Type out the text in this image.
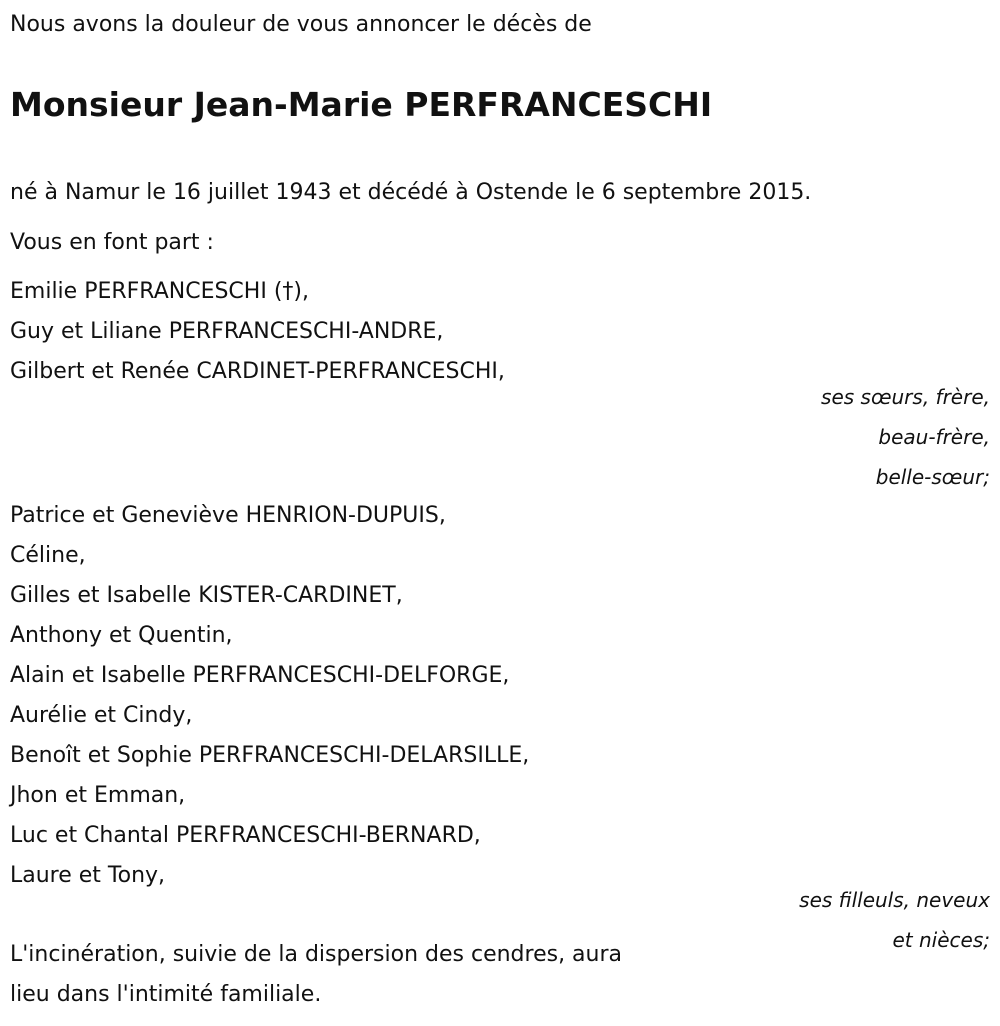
Nous avons la douleur de vous annoncer le décès de
Monsieur Jean-Marie PERFRANCESCHI
né à Namur le 16 juillet 1943 et décédé à Ostende le 6 septembre 2015.
Vous en font part :
Emilie PERFRANCESCHI (†),
Guy et Liliane PERFRANCESCHI-ANDRE,
Gilbert et Renée CARDINET-PERFRANCESCHI,
ses sœurs, frère,
beau-frère,
belle-sœur;
Patrice et Geneviève HENRION-DUPUIS,
Céline,
Gilles et Isabelle KISTER-CARDINET,
Anthony et Quentin,
Alain et Isabelle PERFRANCESCHI-DELFORGE,
Aurélie et Cindy,
Benoît et Sophie PERFRANCESCHI-DELARSILLE,
Jhon et Emman,
Luc et Chantal PERFRANCESCHI-BERNARD,
Laure et Tony,
ses filleuls, neveux
et nièces;
L'incinération, suivie de la dispersion des cendres, aura
lieu dans l'intimité familiale.
